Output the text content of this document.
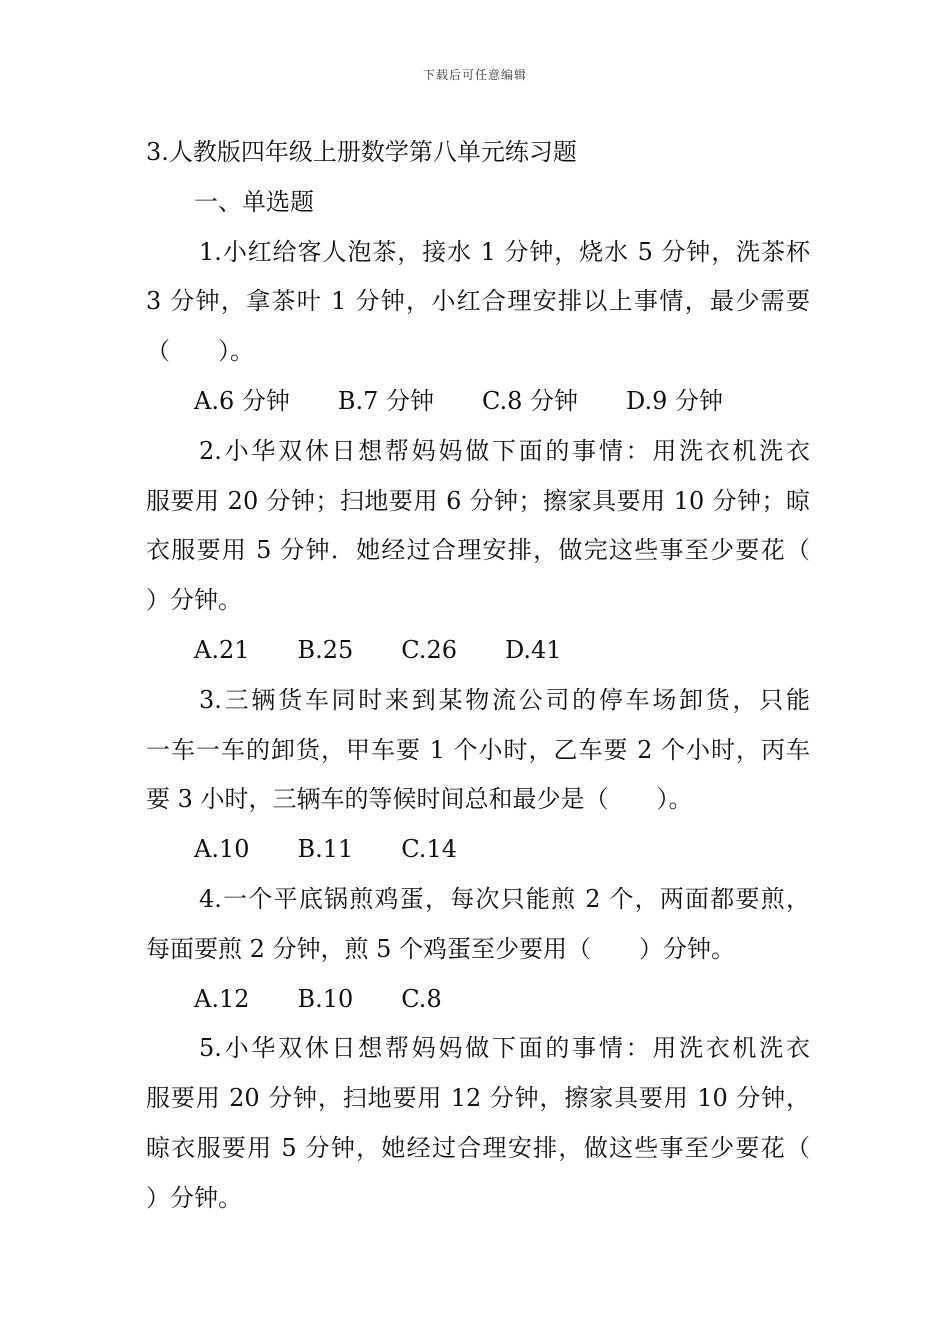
下载后可任意编辑
3.人教版四年级上册数学第八单元练习题
一、单选题
1.小红给客人泡茶，接水 1 分钟，烧水 5 分钟，洗茶杯
3 分钟，拿茶叶 1 分钟，小红合理安排以上事情，最少需要
（　　）。
A.6 分钟　　B.7 分钟　　C.8 分钟　　D.9 分钟
2.小华双休日想帮妈妈做下面的事情：用洗衣机洗衣
服要用 20 分钟；扫地要用 6 分钟；擦家具要用 10 分钟；晾
衣服要用 5 分钟．她经过合理安排，做完这些事至少要花（
）分钟。
A.21　　B.25　　C.26　　D.41
3.三辆货车同时来到某物流公司的停车场卸货，只能
一车一车的卸货，甲车要 1 个小时，乙车要 2 个小时，丙车
要 3 小时，三辆车的等候时间总和最少是（　　）。
A.10　　B.11　　C.14
4.一个平底锅煎鸡蛋，每次只能煎 2 个，两面都要煎，
每面要煎 2 分钟，煎 5 个鸡蛋至少要用（　　）分钟。
A.12　　B.10　　C.8
5.小华双休日想帮妈妈做下面的事情：用洗衣机洗衣
服要用 20 分钟，扫地要用 12 分钟，擦家具要用 10 分钟，
晾衣服要用 5 分钟，她经过合理安排，做这些事至少要花（
）分钟。
